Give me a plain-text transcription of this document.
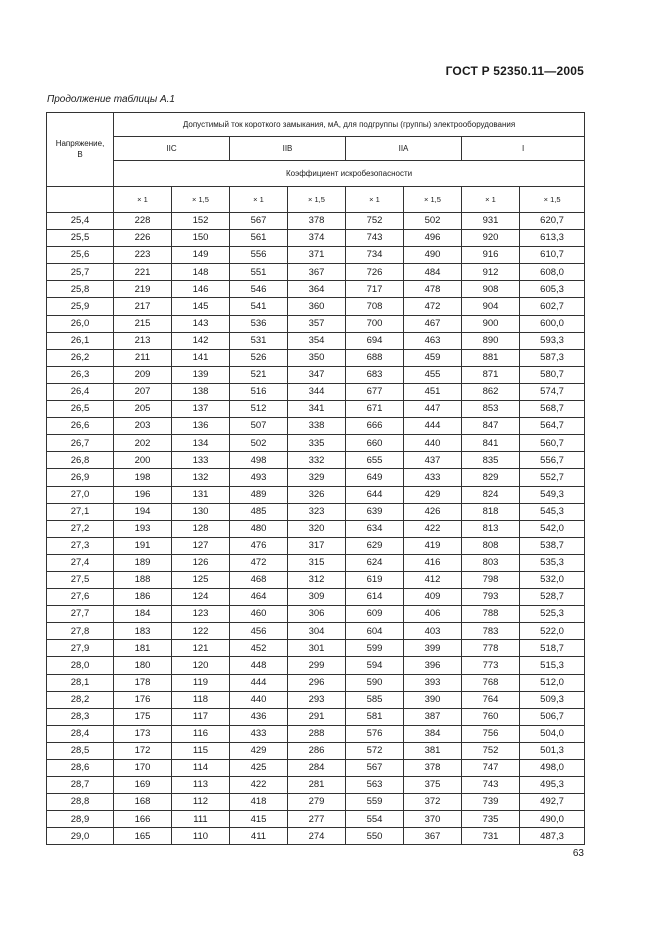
ГОСТ Р 52350.11—2005
Продолжение таблицы А.1
Напряжение,
В	Допустимый ток короткого замыкания, мА, для подгруппы (группы) электрооборудования							
	IIC		IIB		IIA		I	
	Коэффициент искробезопасности							
	× 1	× 1,5	× 1	× 1,5	× 1	× 1,5	× 1	× 1,5
25,4	228	152	567	378	752	502	931	620,7
25,5	226	150	561	374	743	496	920	613,3
25,6	223	149	556	371	734	490	916	610,7
25,7	221	148	551	367	726	484	912	608,0
25,8	219	146	546	364	717	478	908	605,3
25,9	217	145	541	360	708	472	904	602,7
26,0	215	143	536	357	700	467	900	600,0
26,1	213	142	531	354	694	463	890	593,3
26,2	211	141	526	350	688	459	881	587,3
26,3	209	139	521	347	683	455	871	580,7
26,4	207	138	516	344	677	451	862	574,7
26,5	205	137	512	341	671	447	853	568,7
26,6	203	136	507	338	666	444	847	564,7
26,7	202	134	502	335	660	440	841	560,7
26,8	200	133	498	332	655	437	835	556,7
26,9	198	132	493	329	649	433	829	552,7
27,0	196	131	489	326	644	429	824	549,3
27,1	194	130	485	323	639	426	818	545,3
27,2	193	128	480	320	634	422	813	542,0
27,3	191	127	476	317	629	419	808	538,7
27,4	189	126	472	315	624	416	803	535,3
27,5	188	125	468	312	619	412	798	532,0
27,6	186	124	464	309	614	409	793	528,7
27,7	184	123	460	306	609	406	788	525,3
27,8	183	122	456	304	604	403	783	522,0
27,9	181	121	452	301	599	399	778	518,7
28,0	180	120	448	299	594	396	773	515,3
28,1	178	119	444	296	590	393	768	512,0
28,2	176	118	440	293	585	390	764	509,3
28,3	175	117	436	291	581	387	760	506,7
28,4	173	116	433	288	576	384	756	504,0
28,5	172	115	429	286	572	381	752	501,3
28,6	170	114	425	284	567	378	747	498,0
28,7	169	113	422	281	563	375	743	495,3
28,8	168	112	418	279	559	372	739	492,7
28,9	166	111	415	277	554	370	735	490,0
29,0	165	110	411	274	550	367	731	487,3
63
